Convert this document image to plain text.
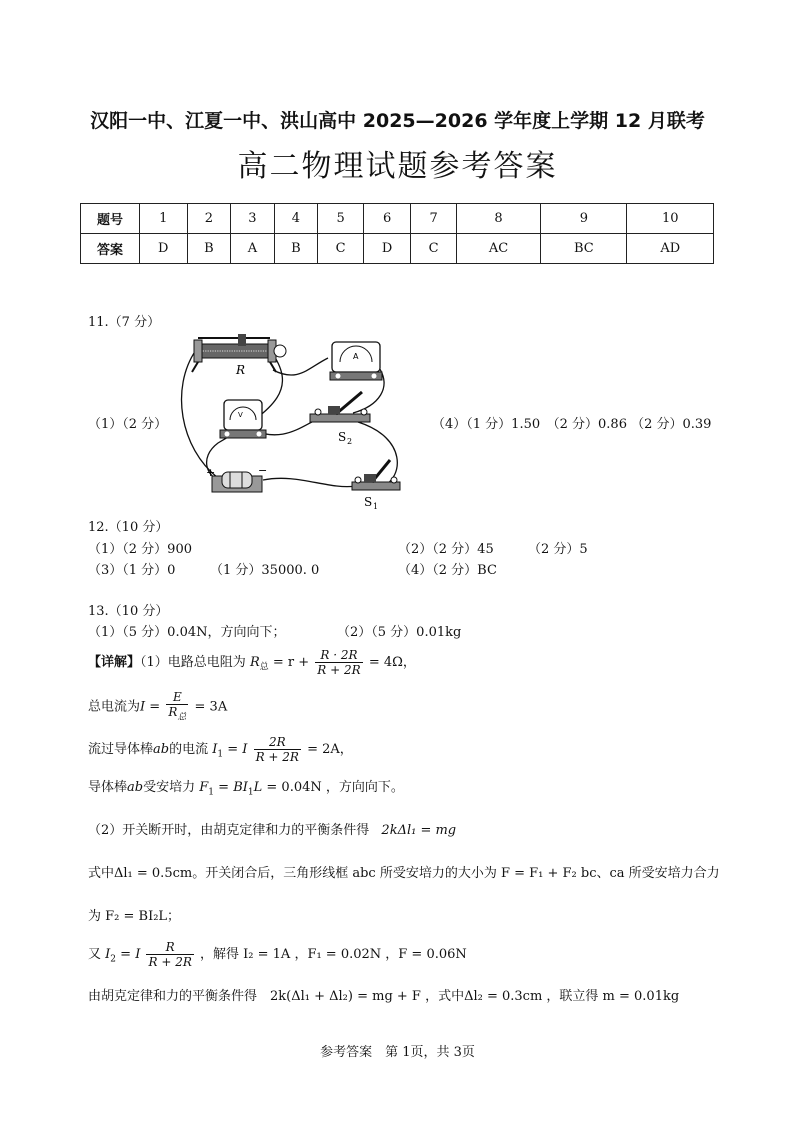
汉阳一中、江夏一中、洪山高中 2025—2026 学年度上学期 12 月联考
高二物理试题参考答案
题号	1	2	3	4	5	6	7	8	9	10
答案	D	B	A	B	C	D	C	AC	BC	AD
11.（7 分）
（1）（2 分）	（4）（1 分）1.50　（2 分）0.86 （2 分）0.39
R
A
V
S 2
+	−
S 1
12.（10 分）
（1）（2 分）900	（2）（2 分）45	（2 分）5
（3）（1 分）0	（1 分）35000. 0	（4）（2 分）BC
13.（10 分）
（1）（5 分）0.04N，方向向下；	（2）（5 分）0.01kg
【详解】（1）电路总电阻为 $R_总 = r + \frac{R \cdot 2R}{R + 2R} = 4\Omega$，
总电流为$I = \frac{E}{R_总} = 3A$
流过导体棒ab的电流 $I_1 = I \frac{2R}{R + 2R} = 2A$，
导体棒ab受安培力 $F_1 = BI_1L = 0.04N$ ，方向向下。
（2）开关断开时，由胡克定律和力的平衡条件得 2kΔl₁ = mg
式中Δl₁ = 0.5cm。开关闭合后，三角形线框 abc 所受安培力的大小为 F = F₁ + F₂ bc、ca 所受安培力合力
为 F₂ = BI₂L；
又 $I_2 = I \frac{R}{R + 2R}$ ，解得 I₂ = 1A ，F₁ = 0.02N ，F = 0.06N
由胡克定律和力的平衡条件得　2k(Δl₁ + Δl₂) = mg + F ，式中Δl₂ = 0.3cm ，联立得 m = 0.01kg
参考答案　第 1页，共 3页
